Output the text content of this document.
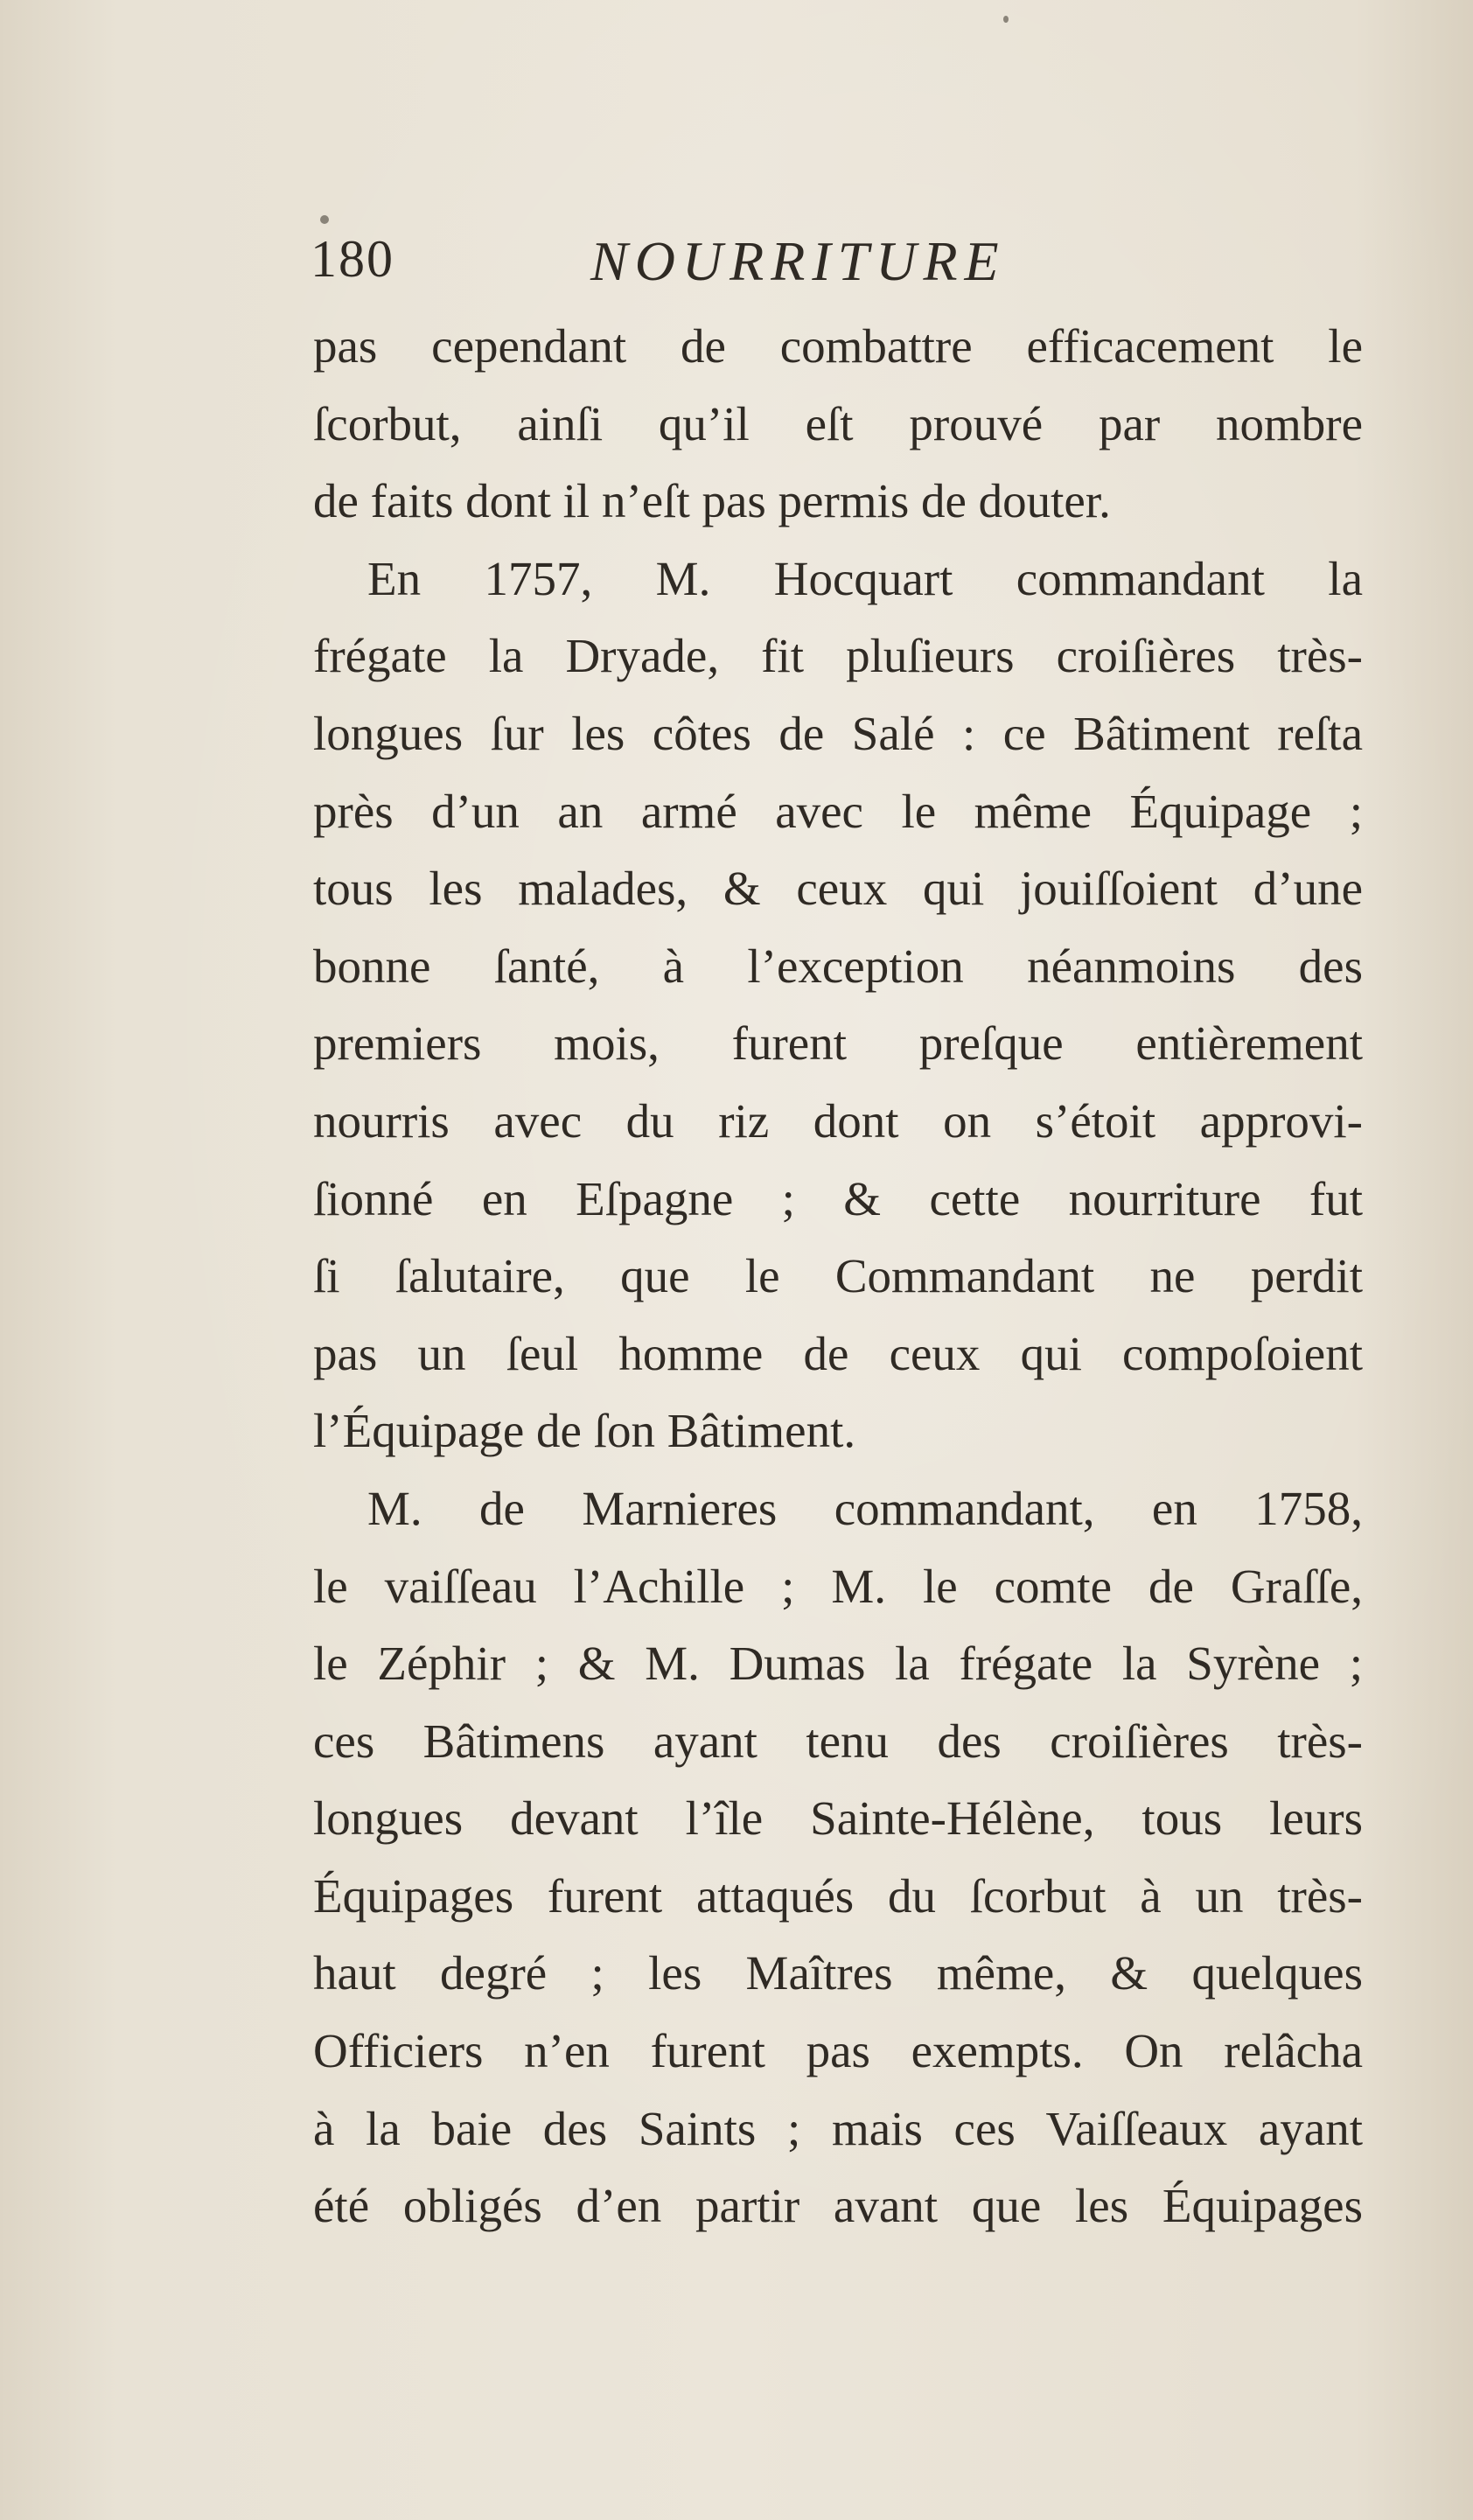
180	NOURRITURE
pas cependant de combattre efficacement le
ſcorbut, ainſi qu’il eſt prouvé par nombre
de faits dont il n’eſt pas permis de douter.
En 1757, M. Hocquart commandant la
frégate la Dryade, fit pluſieurs croiſières très-
longues ſur les côtes de Salé : ce Bâtiment reſta
près d’un an armé avec le même Équipage ;
tous les malades, & ceux qui jouiſſoient d’une
bonne ſanté, à l’exception néanmoins des
premiers mois, furent preſque entièrement
nourris avec du riz dont on s’étoit approvi-
ſionné en Eſpagne ; & cette nourriture fut
ſi ſalutaire, que le Commandant ne perdit
pas un ſeul homme de ceux qui compoſoient
l’Équipage de ſon Bâtiment.
M. de Marnieres commandant, en 1758,
le vaiſſeau l’Achille ; M. le comte de Graſſe,
le Zéphir ; & M. Dumas la frégate la Syrène ;
ces Bâtimens ayant tenu des croiſières très-
longues devant l’île Sainte-Hélène, tous leurs
Équipages furent attaqués du ſcorbut à un très-
haut degré ; les Maîtres même, & quelques
Officiers n’en furent pas exempts. On relâcha
à la baie des Saints ; mais ces Vaiſſeaux ayant
été obligés d’en partir avant que les Équipages
